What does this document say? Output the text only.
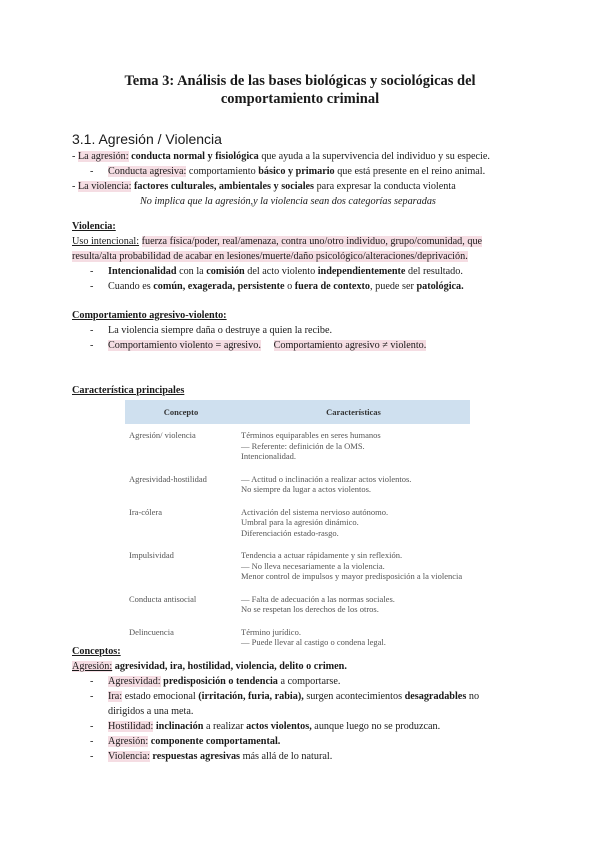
Tema 3: Análisis de las bases biológicas y sociológicas del
comportamiento criminal
3.1. Agresión / Violencia
- La agresión: conducta normal y fisiológica que ayuda a la supervivencia del individuo y su especie.
- Conducta agresiva: comportamiento básico y primario que está presente en el reino animal.
- La violencia: factores culturales, ambientales y sociales para expresar la conducta violenta
No implica que la agresión,y la violencia sean dos categorías separadas
Violencia:
Uso intencional: fuerza física/poder, real/amenaza, contra uno/otro individuo, grupo/comunidad, que
resulta/alta probabilidad de acabar en lesiones/muerte/daño psicológico/alteraciones/deprivación.
- Intencionalidad con la comisión del acto violento independientemente del resultado.
- Cuando es común, exagerada, persistente o fuera de contexto, puede ser patológica.
Comportamiento agresivo-violento:
- La violencia siempre daña o destruye a quien la recibe.
- Comportamiento violento = agresivo. Comportamiento agresivo ≠ violento.
Característica principales
Concepto	Características
Agresión/ violencia	Términos equiparables en seres humanos
— Referente: definición de la OMS.
Intencionalidad.

Agresividad-hostilidad	— Actitud o inclinación a realizar actos violentos.
No siempre da lugar a actos violentos.

Ira-cólera	Activación del sistema nervioso autónomo.
Umbral para la agresión dinámico.
Diferenciación estado-rasgo.

Impulsividad	Tendencia a actuar rápidamente y sin reflexión.
— No lleva necesariamente a la violencia.
Menor control de impulsos y mayor predisposición a la violencia

Conducta antisocial	— Falta de adecuación a las normas sociales.
No se respetan los derechos de los otros.

Delincuencia	Término jurídico.
— Puede llevar al castigo o condena legal.
Conceptos:
Agresión: agresividad, ira, hostilidad, violencia, delito o crimen.
- Agresividad: predisposición o tendencia a comportarse.
- Ira: estado emocional (irritación, furia, rabia), surgen acontecimientos desagradables no
dirigidos a una meta.
- Hostilidad: inclinación a realizar actos violentos, aunque luego no se produzcan.
- Agresión: componente comportamental.
- Violencia: respuestas agresivas más allá de lo natural.
